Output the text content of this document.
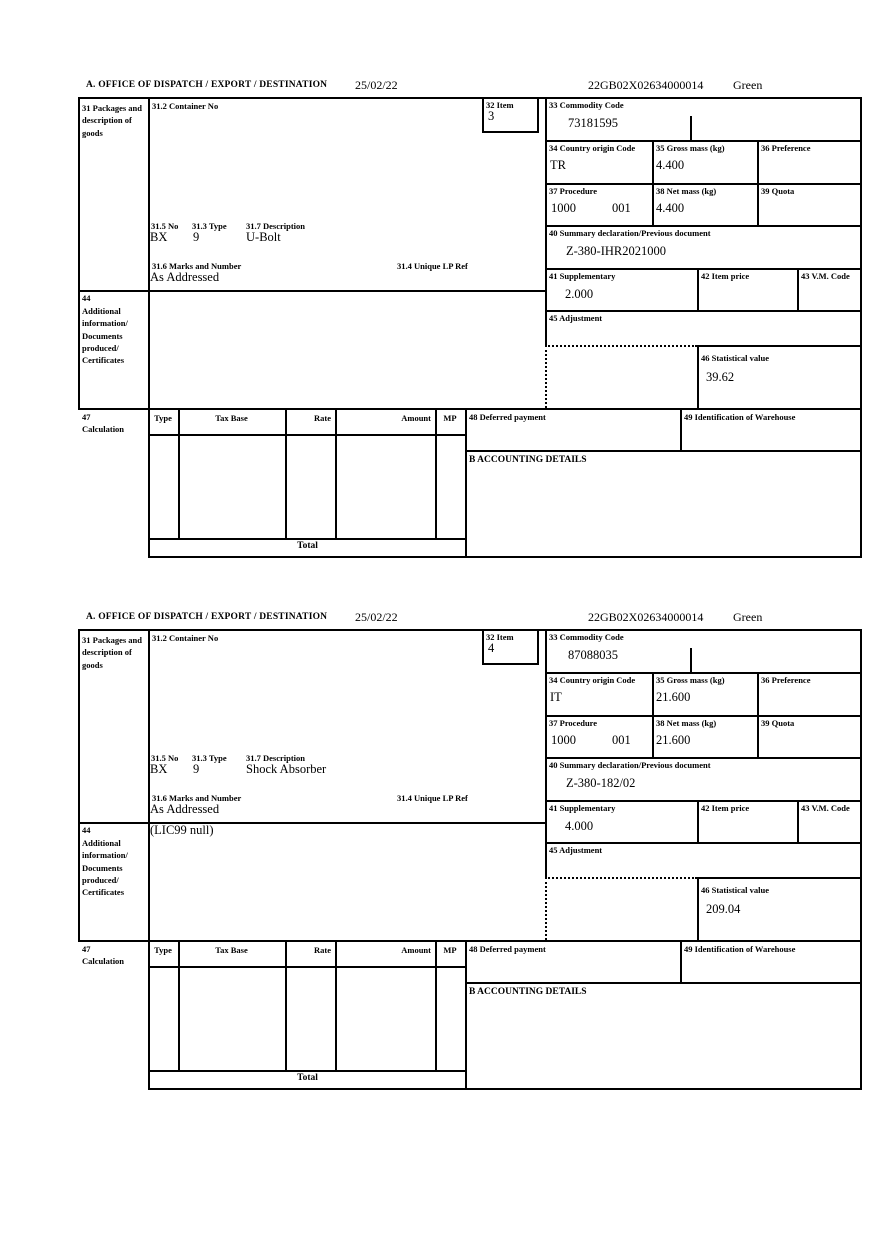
A. OFFICE OF DISPATCH / EXPORT / DESTINATION 25/02/22	22GB02X02634000014 Green
31 Packages and description of goods
31.2 Container No	32 Item
3
33 Commodity Code
73181595
34 Country origin Code
TR
35 Gross mass (kg)
4.400
36 Preference
37 Procedure
1000	001
38 Net mass (kg)
4.400
39 Quota
40 Summary declaration/Previous document
Z-380-IHR2021000
41 Supplementary
2.000
42 Item price	43 V.M. Code
45 Adjustment
46 Statistical value
39.62
31.5 No 31.3 Type 31.7 Description
BX 9	U-Bolt
31.6 Marks and Number	31.4 Unique LP Ref
As Addressed
44
Additional information/ Documents produced/ Certificates
47
Calculation
Type	Tax Base	Rate	Amount	MP	48 Deferred payment	49 Identification of Warehouse
B ACCOUNTING DETAILS
Total
A. OFFICE OF DISPATCH / EXPORT / DESTINATION 25/02/22	22GB02X02634000014 Green
31 Packages and description of goods
31.2 Container No	32 Item
4
33 Commodity Code
87088035
34 Country origin Code
IT
35 Gross mass (kg)
21.600
36 Preference
37 Procedure
1000	001
38 Net mass (kg)
21.600
39 Quota
40 Summary declaration/Previous document
Z-380-182/02
41 Supplementary
4.000
42 Item price	43 V.M. Code
45 Adjustment
46 Statistical value
209.04
31.5 No 31.3 Type 31.7 Description
BX 9	Shock Absorber
31.6 Marks and Number	31.4 Unique LP Ref
As Addressed
44
Additional information/ Documents produced/ Certificates
(LIC99 null)
47
Calculation
Type	Tax Base	Rate	Amount	MP	48 Deferred payment	49 Identification of Warehouse
B ACCOUNTING DETAILS
Total
